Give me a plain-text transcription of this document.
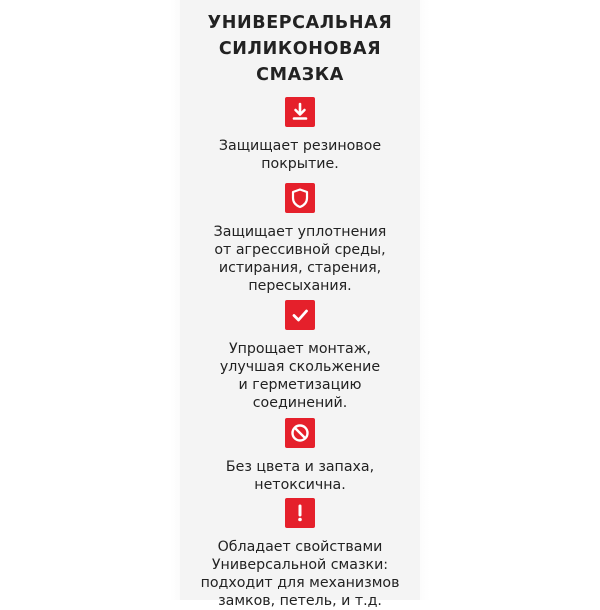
УНИВЕРСАЛЬНАЯ
СИЛИКОНОВАЯ
СМАЗКА
Защищает резиновое
покрытие.
Защищает уплотнения
от агрессивной среды,
истирания, старения,
пересыхания.
Упрощает монтаж,
улучшая скольжение
и герметизацию
соединений.
Без цвета и запаха,
нетоксична.
Обладает свойствами
Универсальной смазки:
подходит для механизмов
замков, петель, и т.д.
